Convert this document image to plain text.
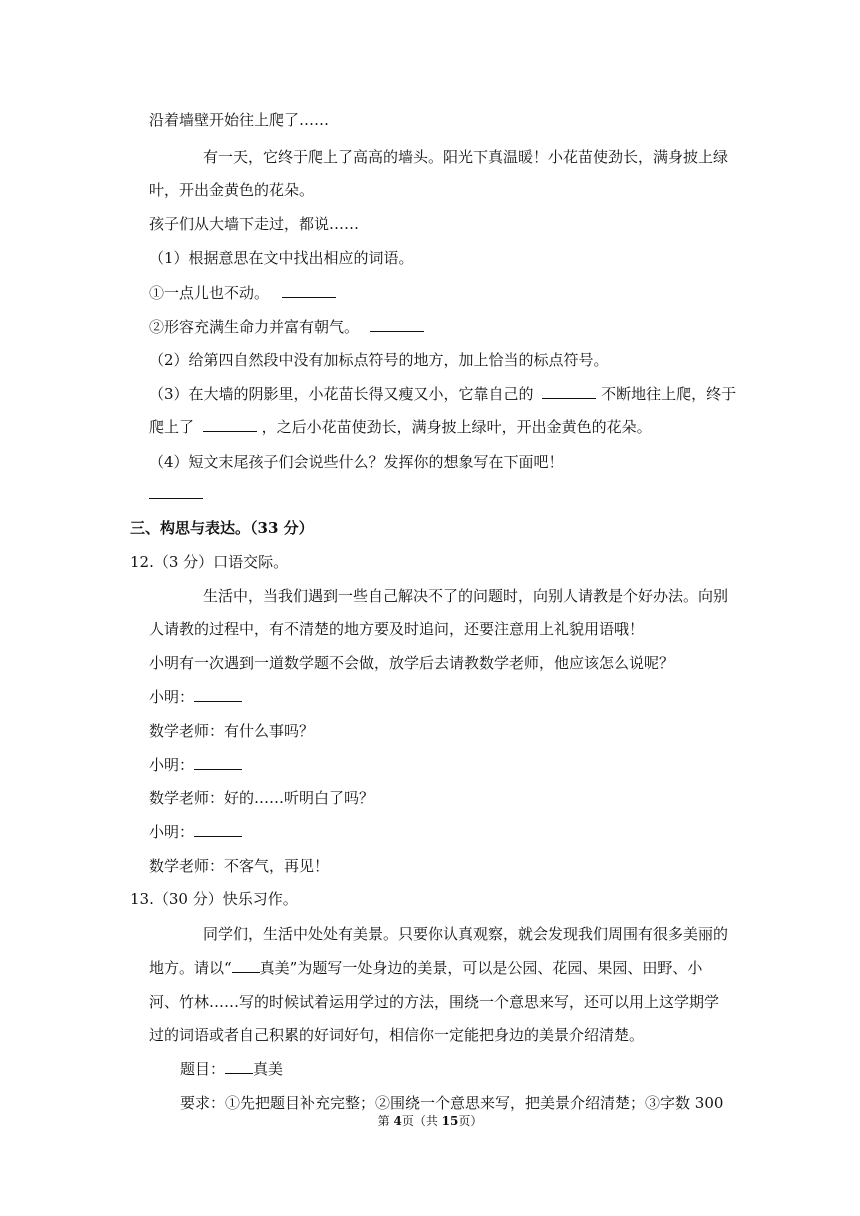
沿着墙壁开始往上爬了……
有一天，它终于爬上了高高的墙头。阳光下真温暖！小花苗使劲长，满身披上绿
叶，开出金黄色的花朵。
孩子们从大墙下走过，都说……
（1）根据意思在文中找出相应的词语。
①一点儿也不动。
②形容充满生命力并富有朝气。
（2）给第四自然段中没有加标点符号的地方，加上恰当的标点符号。
（3）在大墙的阴影里，小花苗长得又瘦又小，它靠自己的	不断地往上爬，终于
爬上了	，之后小花苗使劲长，满身披上绿叶，开出金黄色的花朵。
（4）短文末尾孩子们会说些什么？发挥你的想象写在下面吧！
三、构思与表达。（33 分）
12.（3 分）口语交际。
生活中，当我们遇到一些自己解决不了的问题时，向别人请教是个好办法。向别
人请教的过程中，有不清楚的地方要及时追问，还要注意用上礼貌用语哦！
小明有一次遇到一道数学题不会做，放学后去请教数学老师，他应该怎么说呢？
小明：
数学老师：有什么事吗？
小明：
数学老师：好的……听明白了吗？
小明：
数学老师：不客气，再见！
13.（30 分）快乐习作。
同学们，生活中处处有美景。只要你认真观察，就会发现我们周围有很多美丽的
地方。请以“ 真美”为题写一处身边的美景，可以是公园、花园、果园、田野、小
河、竹林……写的时候试着运用学过的方法，围绕一个意思来写，还可以用上这学期学
过的词语或者自己积累的好词好句，相信你一定能把身边的美景介绍清楚。
题目： 真美
要求：①先把题目补充完整；②围绕一个意思来写，把美景介绍清楚；③字数 300
第 4页（共 15页）
